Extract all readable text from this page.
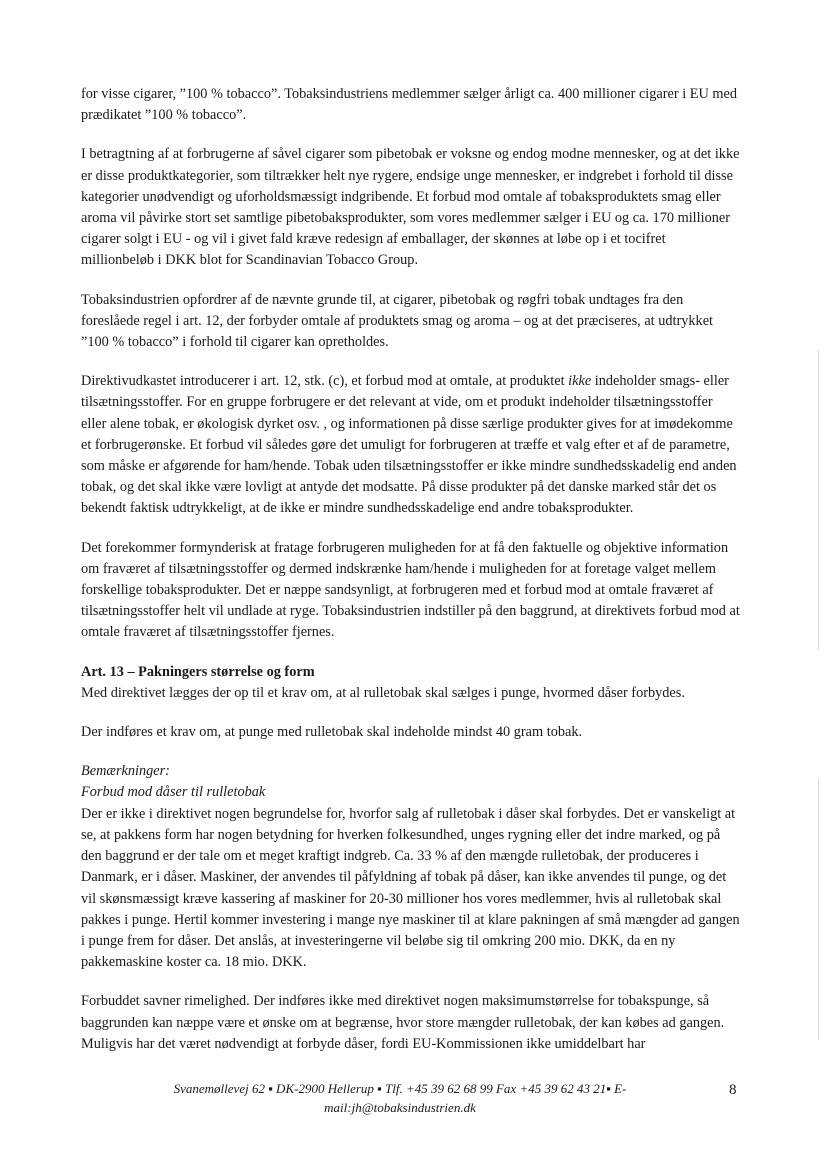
for visse cigarer, ”100 % tobacco”. Tobaksindustriens medlemmer sælger årligt ca. 400 millioner cigarer i EU med prædikatet ”100 % tobacco”.

I betragtning af at forbrugerne af såvel cigarer som pibetobak er voksne og endog modne mennesker, og at det ikke er disse produktkategorier, som tiltrækker helt nye rygere, endsige unge mennesker, er indgrebet i forhold til disse kategorier unødvendigt og uforholdsmæssigt indgribende. Et forbud mod omtale af tobaksproduktets smag eller aroma vil påvirke stort set samtlige pibetobaksprodukter, som vores medlemmer sælger i EU og ca. 170 millioner cigarer solgt i EU - og vil i givet fald kræve redesign af emballager, der skønnes at løbe op i et tocifret millionbeløb i DKK blot for Scandinavian Tobacco Group.

Tobaksindustrien opfordrer af de nævnte grunde til, at cigarer, pibetobak og røgfri tobak undtages fra den foreslåede regel i art. 12, der forbyder omtale af produktets smag og aroma – og at det præciseres, at udtrykket ”100 % tobacco” i forhold til cigarer kan opretholdes.

Direktivudkastet introducerer i art. 12, stk. (c), et forbud mod at omtale, at produktet ikke indeholder smags- eller tilsætningsstoffer. For en gruppe forbrugere er det relevant at vide, om et produkt indeholder tilsætningsstoffer eller alene tobak, er økologisk dyrket osv. , og informationen på disse særlige produkter gives for at imødekomme et forbrugerønske. Et forbud vil således gøre det umuligt for forbrugeren at træffe et valg efter et af de parametre, som måske er afgørende for ham/hende. Tobak uden tilsætningsstoffer er ikke mindre sundhedsskadelig end anden tobak, og det skal ikke være lovligt at antyde det modsatte. På disse produkter på det danske marked står det os bekendt faktisk udtrykkeligt, at de ikke er mindre sundhedsskadelige end andre tobaksprodukter.

Det forekommer formynderisk at fratage forbrugeren muligheden for at få den faktuelle og objektive information om fraværet af tilsætningsstoffer og dermed indskrænke ham/hende i muligheden for at foretage valget mellem forskellige tobaksprodukter. Det er næppe sandsynligt, at forbrugeren med et forbud mod at omtale fraværet af tilsætningsstoffer helt vil undlade at ryge. Tobaksindustrien indstiller på den baggrund, at direktivets forbud mod at omtale fraværet af tilsætningsstoffer fjernes.

Art. 13 – Pakningers størrelse og form

Med direktivet lægges der op til et krav om, at al rulletobak skal sælges i punge, hvormed dåser forbydes.

Der indføres et krav om, at punge med rulletobak skal indeholde mindst 40 gram tobak.

Bemærkninger:

Forbud mod dåser til rulletobak

Der er ikke i direktivet nogen begrundelse for, hvorfor salg af rulletobak i dåser skal forbydes. Det er vanskeligt at se, at pakkens form har nogen betydning for hverken folkesundhed, unges rygning eller det indre marked, og på den baggrund er der tale om et meget kraftigt indgreb. Ca. 33 % af den mængde rulletobak, der produceres i Danmark, er i dåser. Maskiner, der anvendes til påfyldning af tobak på dåser, kan ikke anvendes til punge, og det vil skønsmæssigt kræve kassering af maskiner for 20-30 millioner hos vores medlemmer, hvis al rulletobak skal pakkes i punge. Hertil kommer investering i mange nye maskiner til at klare pakningen af små mængder ad gangen i punge frem for dåser. Det anslås, at investeringerne vil beløbe sig til omkring 200 mio. DKK, da en ny pakkemaskine koster ca. 18 mio. DKK.

Forbuddet savner rimelighed. Der indføres ikke med direktivet nogen maksimumstørrelse for tobakspunge, så baggrunden kan næppe være et ønske om at begrænse, hvor store mængder rulletobak, der kan købes ad gangen. Muligvis har det været nødvendigt at forbyde dåser, fordi EU-Kommissionen ikke umiddelbart har

Svanemøllevej 62 ▪ DK-2900 Hellerup ▪ Tlf. +45 39 62 68 99 Fax +45 39 62 43 21▪ E-mail:jh@tobaksindustrien.dk
8
